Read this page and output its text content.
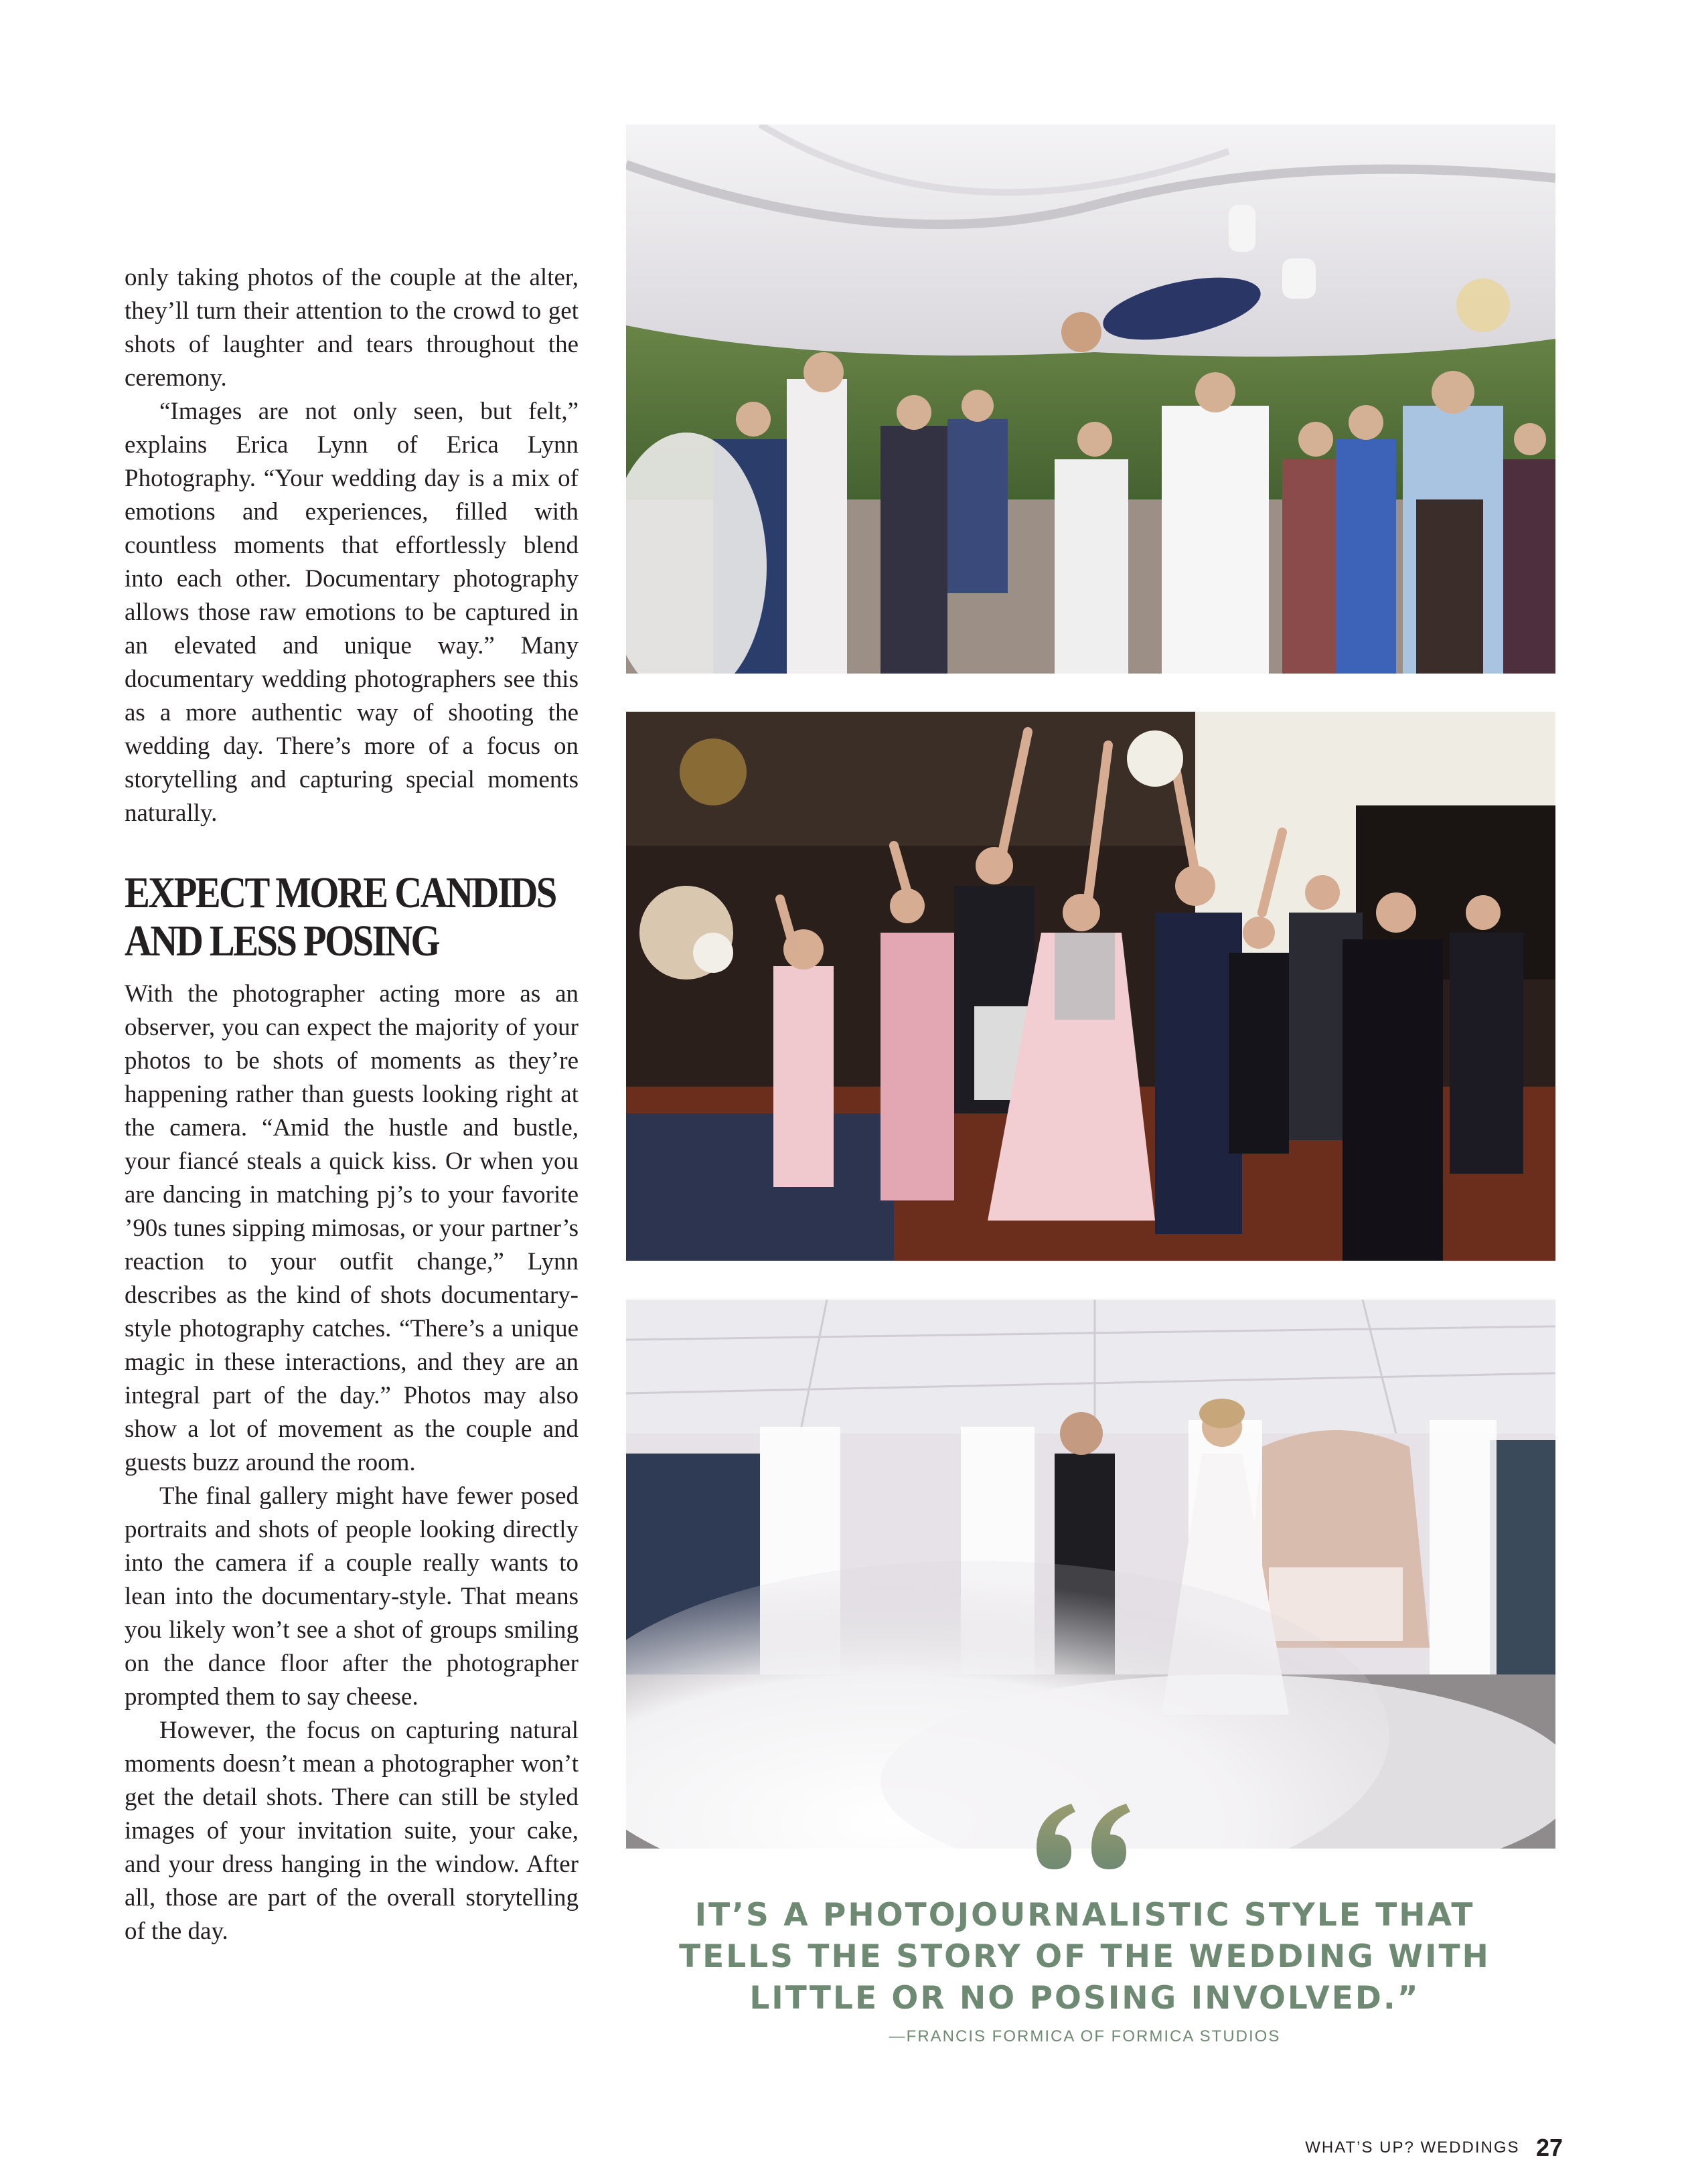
only taking photos of the couple at the alter, they’ll turn their attention to the crowd to get shots of laughter and tears throughout the ceremony.

“Images are not only seen, but felt,” explains Erica Lynn of Erica Lynn Photography. “Your wedding day is a mix of emotions and experiences, filled with countless moments that effortlessly blend into each other. Documentary photography allows those raw emotions to be captured in an elevated and unique way.” Many documentary wedding photographers see this as a more authentic way of shooting the wedding day. There’s more of a focus on storytelling and capturing special moments naturally.

EXPECT MORE CANDIDS AND LESS POSING

With the photographer acting more as an observer, you can expect the majority of your photos to be shots of moments as they’re happening rather than guests looking right at the camera. “Amid the hustle and bustle, your fiancé steals a quick kiss. Or when you are dancing in matching pj’s to your favorite ’90s tunes sipping mimosas, or your partner’s reaction to your outfit change,” Lynn describes as the kind of shots documentary-style photography catches. “There’s a unique magic in these interactions, and they are an integral part of the day.” Photos may also show a lot of movement as the couple and guests buzz around the room.

The final gallery might have fewer posed portraits and shots of people looking directly into the camera if a couple really wants to lean into the documentary-style. That means you likely won’t see a shot of groups smiling on the dance floor after the photographer prompted them to say cheese.

However, the focus on capturing natural moments doesn’t mean a photographer won’t get the detail shots. There can still be styled images of your invitation suite, your cake, and your dress hanging in the window. After all, those are part of the overall storytelling of the day.	IT’S A PHOTOJOURNALISTIC STYLE THAT TELLS THE STORY OF THE WEDDING WITH LITTLE OR NO POSING INVOLVED.”
—FRANCIS FORMICA OF FORMICA STUDIOS
WHAT’S UP? WEDDINGS 27
